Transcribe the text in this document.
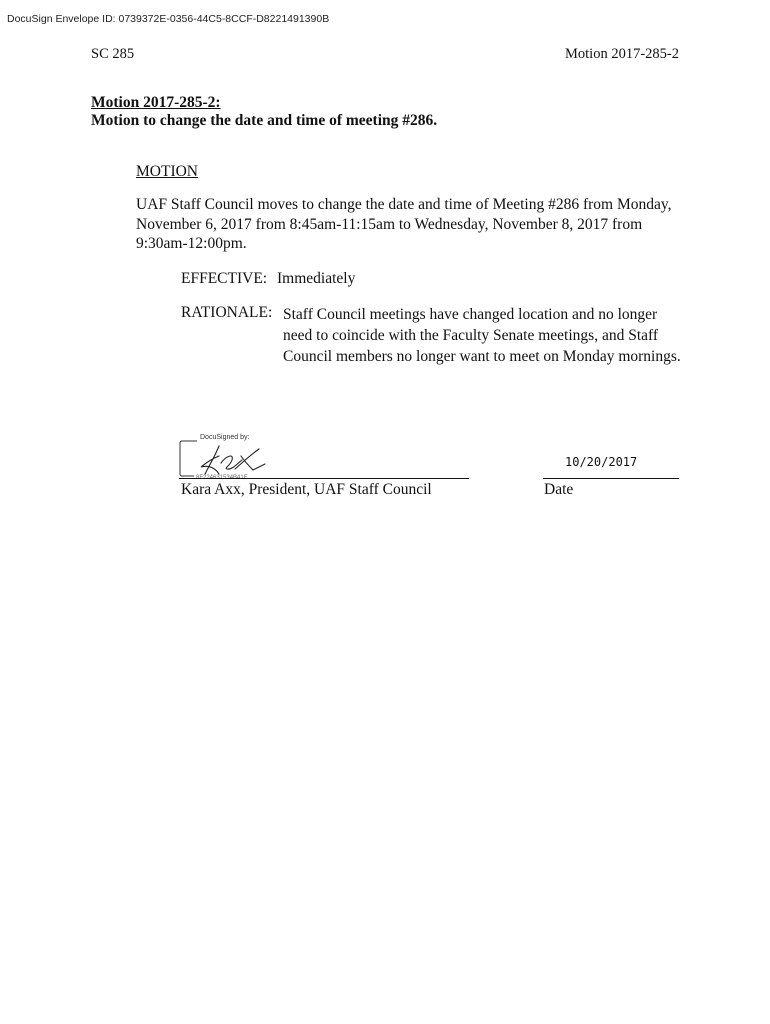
DocuSign Envelope ID: 0739372E-0356-44C5-8CCF-D8221491390B
SC 285	Motion 2017-285-2
Motion 2017-285-2:
Motion to change the date and time of meeting #286.
MOTION
UAF Staff Council moves to change the date and time of Meeting #286 from Monday, November 6, 2017 from 8:45am-11:15am to Wednesday, November 8, 2017 from 9:30am-12:00pm.
EFFECTIVE: Immediately
RATIONALE: Staff Council meetings have changed location and no longer need to coincide with the Faculty Senate meetings, and Staff Council members no longer want to meet on Monday mornings.
DocuSigned by:
8F224631534B41E...
Kara Axx, President, UAF Staff Council
10/20/2017
Date
